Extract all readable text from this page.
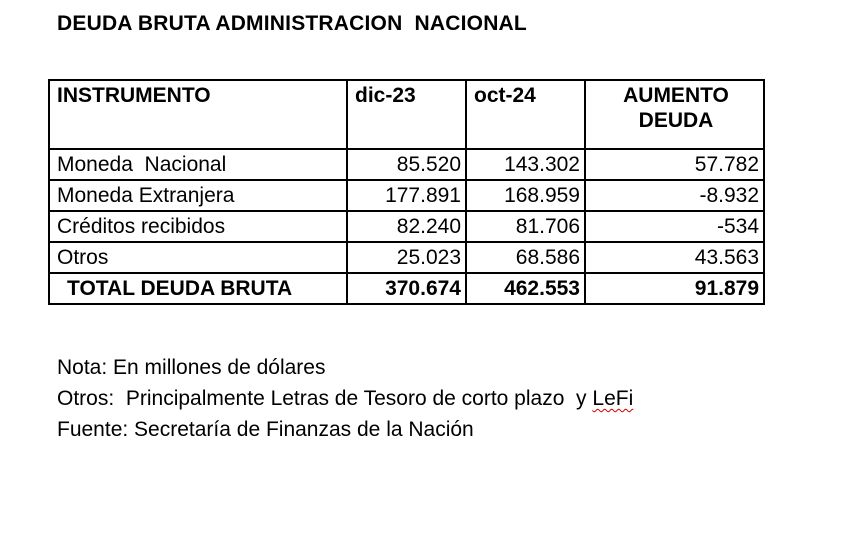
DEUDA BRUTA ADMINISTRACION  NACIONAL
INSTRUMENTO	dic-23	oct-24	AUMENTO DEUDA
Moneda  Nacional	85.520	143.302	57.782
Moneda Extranjera	177.891	168.959	-8.932
Créditos recibidos	82.240	81.706	-534
Otros	25.023	68.586	43.563
TOTAL DEUDA BRUTA	370.674	462.553	91.879
Nota: En millones de dólares
Otros:  Principalmente Letras de Tesoro de corto plazo  y LeFi
Fuente: Secretaría de Finanzas de la Nación
